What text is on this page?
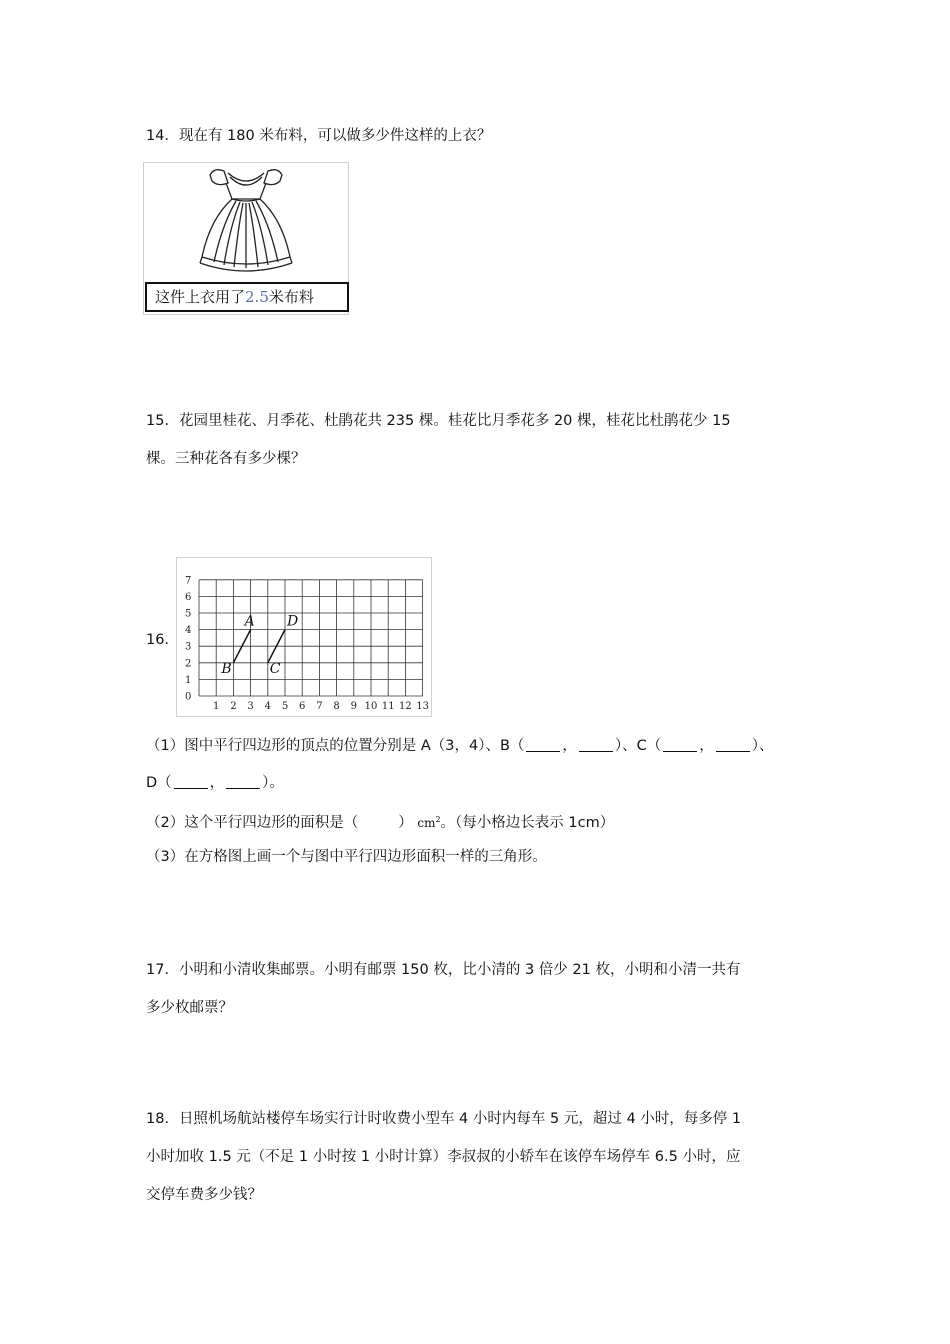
14．现在有 180 米布料，可以做多少件这样的上衣？
这件上衣用了2.5米布料
15．花园里桂花、月季花、杜鹃花共 235 棵。桂花比月季花多 20 棵，桂花比杜鹃花少 15
棵。三种花各有多少棵？
16．
0
1
2
3
4
5
6
7
1 2 3 4 5 6 7 8 9 10 11 12 13
A
B	C
D
（1）图中平行四边形的顶点的位置分别是 A（3，4）、B（	，	）、C（	，	）、
D（	，	）。
（2）这个平行四边形的面积是（	） $cm^2$。（每小格边长表示 1cm）
（3）在方格图上画一个与图中平行四边形面积一样的三角形。
17．小明和小清收集邮票。小明有邮票 150 枚，比小清的 3 倍少 21 枚，小明和小清一共有
多少枚邮票？
18．日照机场航站楼停车场实行计时收费小型车 4 小时内每车 5 元，超过 4 小时，每多停 1
小时加收 1.5 元（不足 1 小时按 1 小时计算）李叔叔的小轿车在该停车场停车 6.5 小时，应
交停车费多少钱？
